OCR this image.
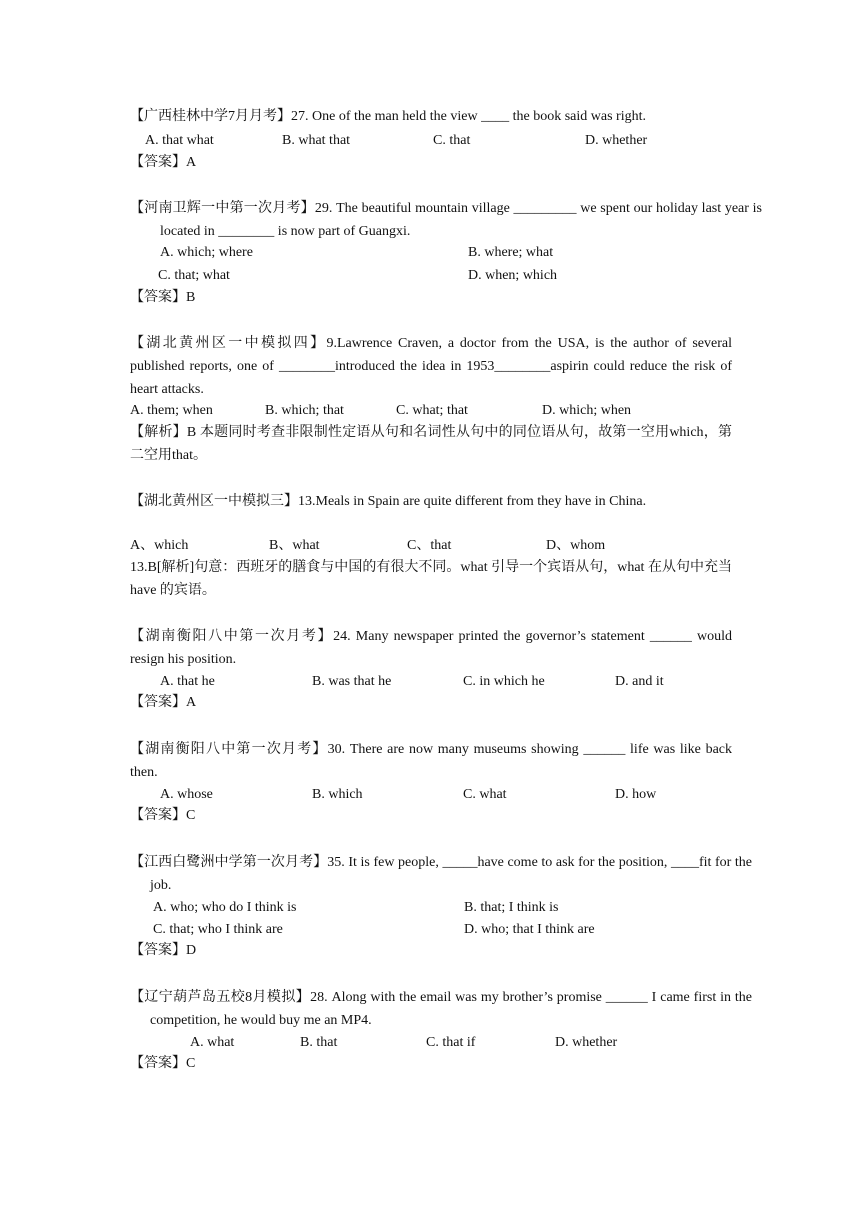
【广西桂林中学7月月考】27. One of the man held the view ____ the book said was right.
A. that what	B. what that	C. that	D. whether
【答案】A
【河南卫辉一中第一次月考】29. The beautiful mountain village _________ we spent our holiday last year is located in ________ is now part of Guangxi.
A. which; where	B. where; what
C. that; what	D. when; which
【答案】B
【湖北黄州区一中模拟四】9.Lawrence Craven, a doctor from the USA, is the author of several published reports, one of ________introduced the idea in 1953________aspirin could reduce the risk of heart attacks.
A. them; when	B. which; that	C. what; that	D. which; when
【解析】B 本题同时考查非限制性定语从句和名词性从句中的同位语从句，故第一空用which，第二空用that。
【湖北黄州区一中模拟三】13.Meals in Spain are quite different from they have in China.
A、which	B、what	C、that	D、whom
13.B[解析]句意：西班牙的膳食与中国的有很大不同。what 引导一个宾语从句，what 在从句中充当 have 的宾语。
【湖南衡阳八中第一次月考】24. Many newspaper printed the governor’s statement ______ would resign his position.
A. that he	B. was that he	C. in which he	D. and it
【答案】A
【湖南衡阳八中第一次月考】30. There are now many museums showing ______ life was like back then.
A. whose	B. which	C. what	D. how
【答案】C
【江西白鹭洲中学第一次月考】35. It is few people, _____have come to ask for the position, ____fit for the job.
A. who; who do I think is	B. that; I think is
C. that; who I think are	D. who; that I think are
【答案】D
【辽宁葫芦岛五校8月模拟】28. Along with the email was my brother’s promise ______ I came first in the competition, he would buy me an MP4.
A. what	B. that	C. that if	D. whether
【答案】C
